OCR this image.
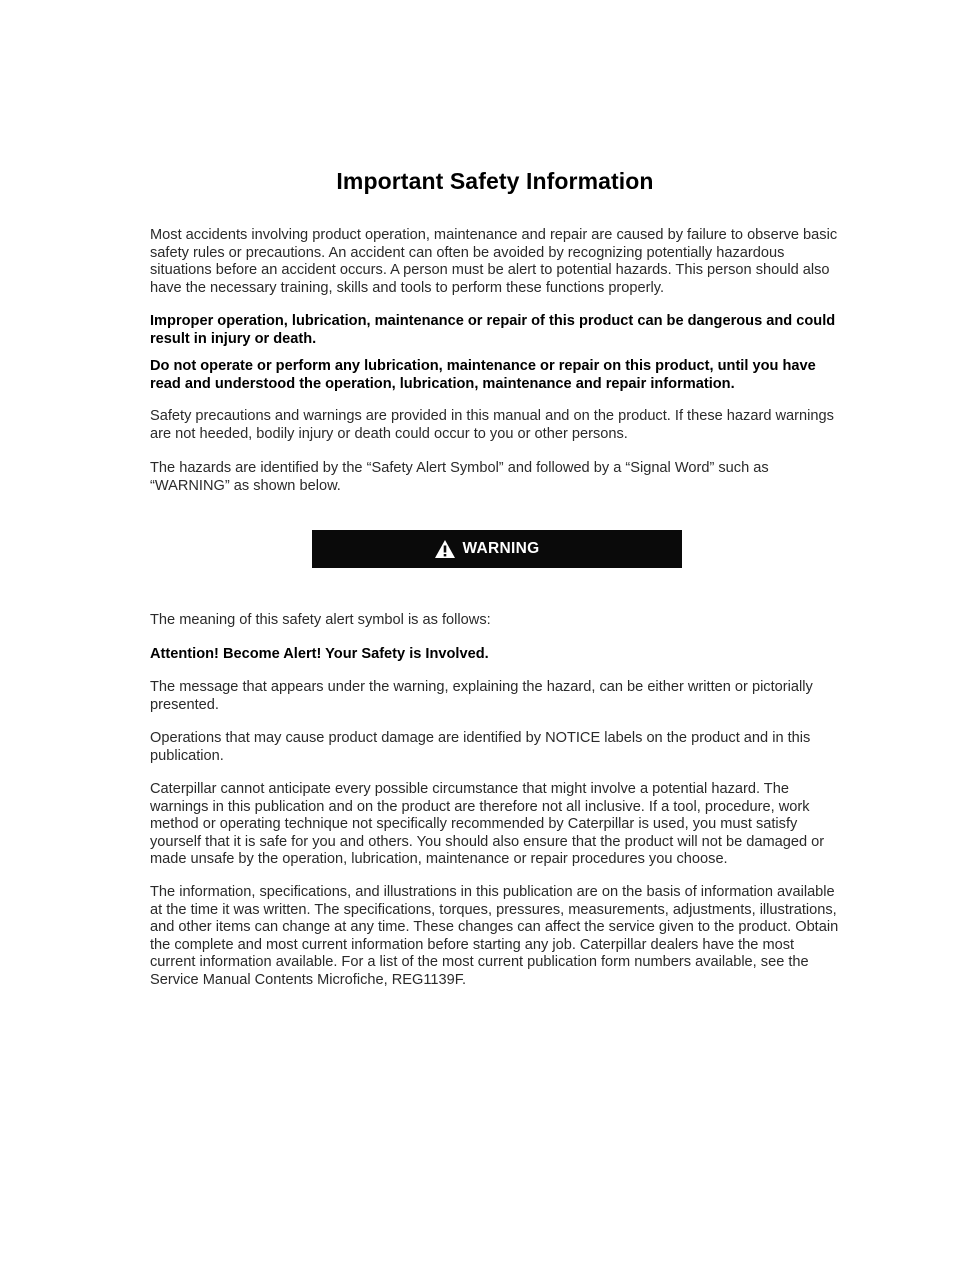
Important Safety Information

Most accidents involving product operation, maintenance and repair are caused by failure to observe basic safety rules or precautions. An accident can often be avoided by recognizing potentially hazardous situations before an accident occurs. A person must be alert to potential hazards. This person should also have the necessary training, skills and tools to perform these functions properly.

Improper operation, lubrication, maintenance or repair of this product can be dangerous and could result in injury or death.

Do not operate or perform any lubrication, maintenance or repair on this product, until you have read and understood the operation, lubrication, maintenance and repair information.

Safety precautions and warnings are provided in this manual and on the product. If these hazard warnings are not heeded, bodily injury or death could occur to you or other persons.

The hazards are identified by the “Safety Alert Symbol” and followed by a “Signal Word” such as “WARNING” as shown below.

WARNING

The meaning of this safety alert symbol is as follows:

Attention! Become Alert! Your Safety is Involved.

The message that appears under the warning, explaining the hazard, can be either written or pictorially presented.

Operations that may cause product damage are identified by NOTICE labels on the product and in this publication.

Caterpillar cannot anticipate every possible circumstance that might involve a potential hazard. The warnings in this publication and on the product are therefore not all inclusive. If a tool, procedure, work method or operating technique not specifically recommended by Caterpillar is used, you must satisfy yourself that it is safe for you and others. You should also ensure that the product will not be damaged or made unsafe by the operation, lubrication, maintenance or repair procedures you choose.

The information, specifications, and illustrations in this publication are on the basis of information available at the time it was written. The specifications, torques, pressures, measurements, adjustments, illustrations, and other items can change at any time. These changes can affect the service given to the product. Obtain the complete and most current information before starting any job. Caterpillar dealers have the most current information available. For a list of the most current publication form numbers available, see the Service Manual Contents Microfiche, REG1139F.
